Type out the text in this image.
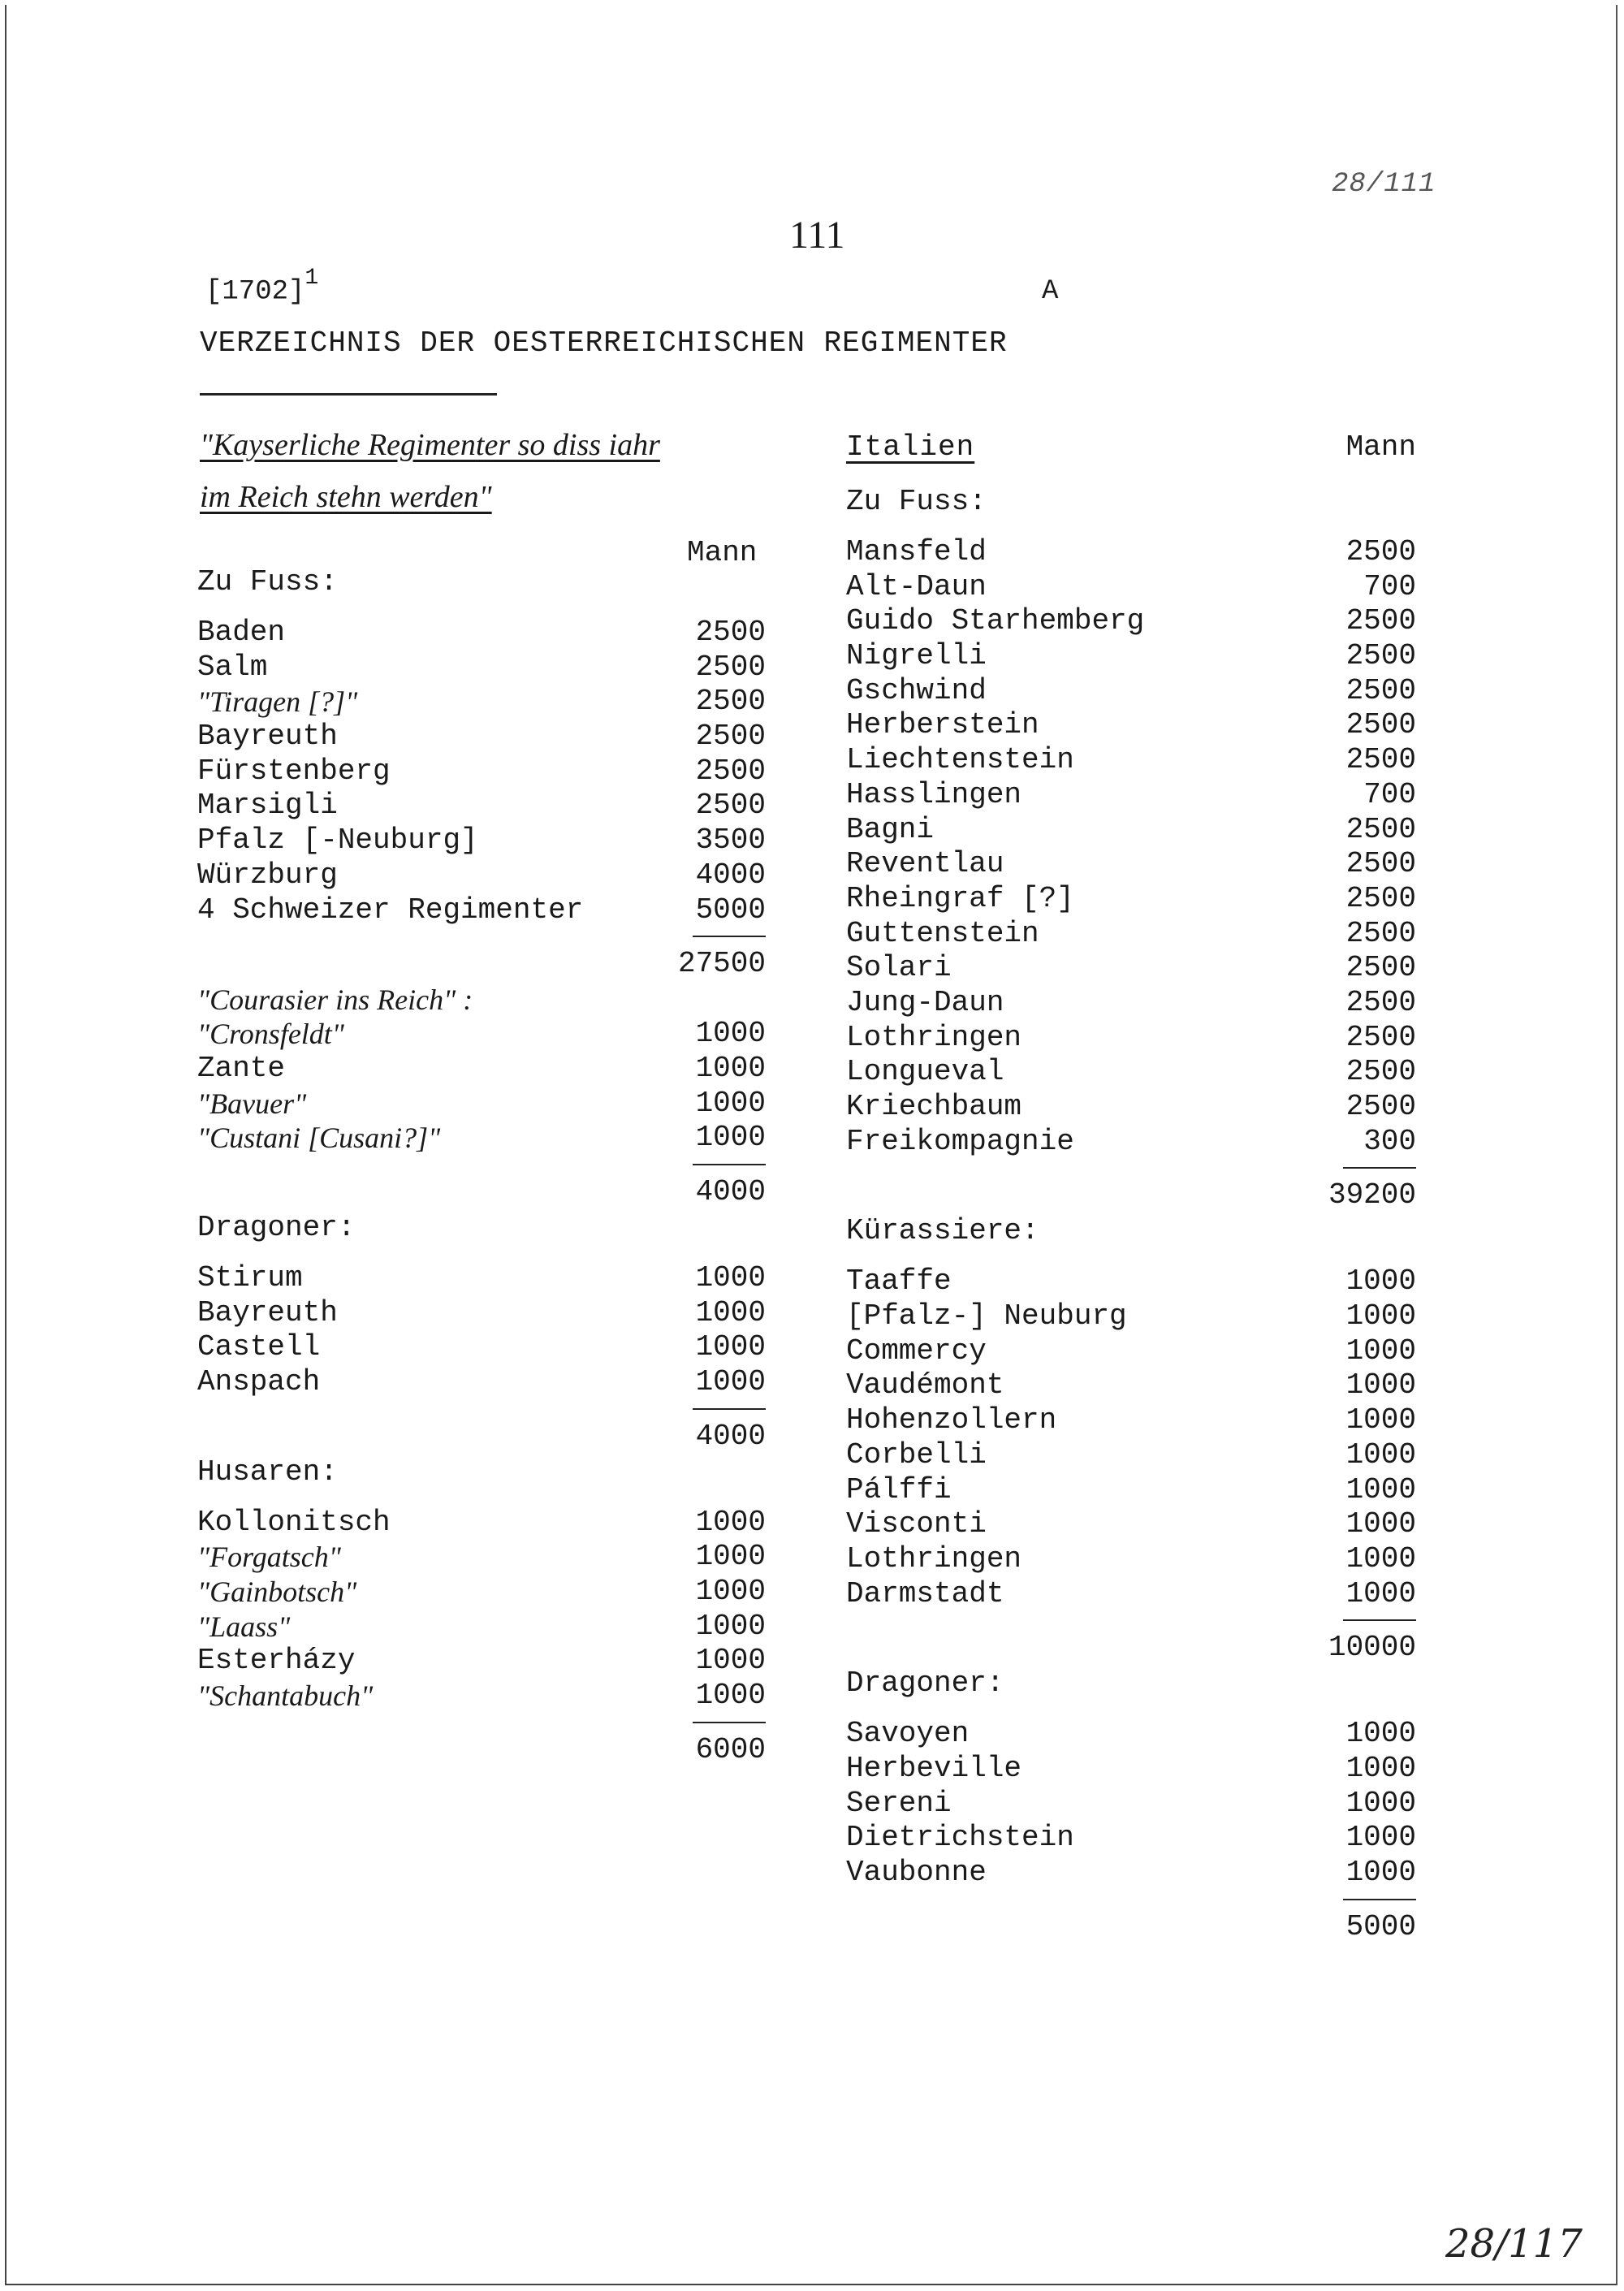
28/111
111
$[1702]^1$	A
VERZEICHNIS DER OESTERREICHISCHEN REGIMENTER
"Kayserliche Regimenter so diss iahr
im Reich stehn werden"
Mann
Zu Fuss:
Baden	2500
Salm	2500
"Tiragen [?]"	2500
Bayreuth	2500
Fürstenberg	2500
Marsigli	2500
Pfalz [-Neuburg]	3500
Würzburg	4000
4 Schweizer Regimenter	5000
27500
"Courasier ins Reich" :
"Cronsfeldt"	1000
Zante	1000
"Bavuer"	1000
"Custani [Cusani?]"	1000
4000
Dragoner:
Stirum	1000
Bayreuth	1000
Castell	1000
Anspach	1000
4000
Husaren:
Kollonitsch	1000
"Forgatsch"	1000
"Gainbotsch"	1000
"Laass"	1000
Esterházy	1000
"Schantabuch"	1000
6000
Italien	Mann
Zu Fuss:
Mansfeld	2500
Alt-Daun	700
Guido Starhemberg	2500
Nigrelli	2500
Gschwind	2500
Herberstein	2500
Liechtenstein	2500
Hasslingen	700
Bagni	2500
Reventlau	2500
Rheingraf [?]	2500
Guttenstein	2500
Solari	2500
Jung-Daun	2500
Lothringen	2500
Longueval	2500
Kriechbaum	2500
Freikompagnie	300
39200
Kürassiere:
Taaffe	1000
[Pfalz-] Neuburg	1000
Commercy	1000
Vaudémont	1000
Hohenzollern	1000
Corbelli	1000
Pálffi	1000
Visconti	1000
Lothringen	1000
Darmstadt	1000
10000
Dragoner:
Savoyen	1000
Herbeville	1000
Sereni	1000
Dietrichstein	1000
Vaubonne	1000
5000
28/117
